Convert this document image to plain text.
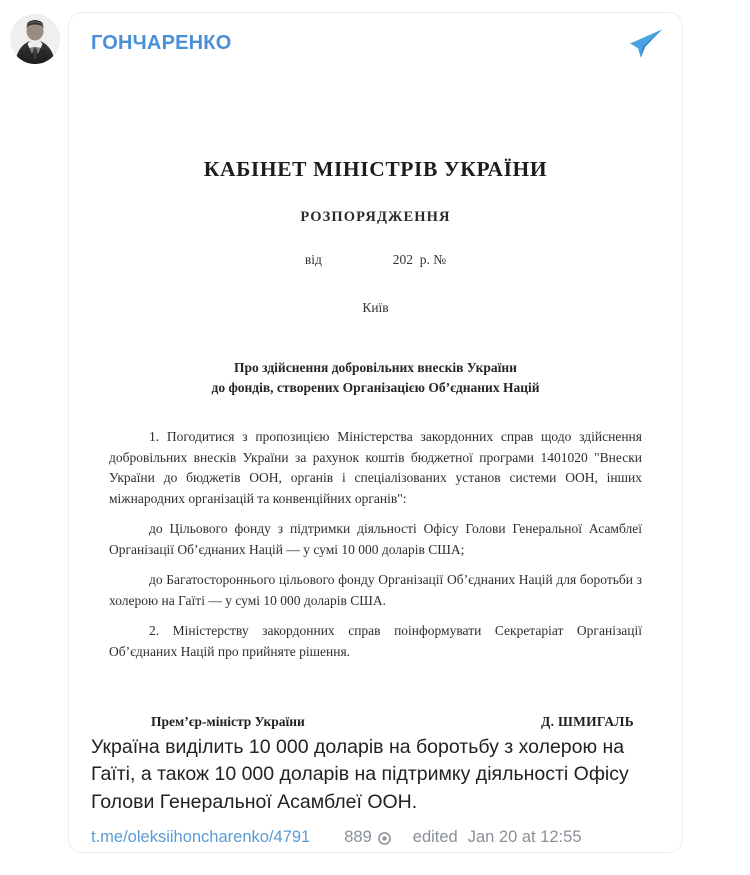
ГОНЧАРЕНКО
КАБІНЕТ МІНІСТРІВ УКРАЇНИ
РОЗПОРЯДЖЕННЯ
від                     202  р. №
Київ
Про здійснення добровільних внесків України
до фондів, створених Організацією Об’єднаних Націй

1. Погодитися з пропозицією Міністерства закордонних справ щодо здійснення добровільних внесків України за рахунок коштів бюджетної програми 1401020 "Внески України до бюджетів ООН, органів і спеціалізованих установ системи ООН, інших міжнародних організацій та конвенційних органів":

до Цільового фонду з підтримки діяльності Офісу Голови Генеральної Асамблеї Організації Об’єднаних Націй — у сумі 10 000 доларів США;

до Багатостороннього цільового фонду Організації Об’єднаних Націй для боротьби з холерою на Гаїті — у сумі 10 000 доларів США.

2. Міністерству закордонних справ поінформувати Секретаріат Організації Об’єднаних Націй про прийняте рішення.

Прем’єр-міністр України	Д. ШМИГАЛЬ
Україна виділить 10 000 доларів на боротьбу з холерою на Гаїті, а також 10 000 доларів на підтримку діяльності Офісу Голови Генеральної Асамблеї ООН.
t.me/oleksiihoncharenko/4791 889 edited Jan 20 at 12:55
